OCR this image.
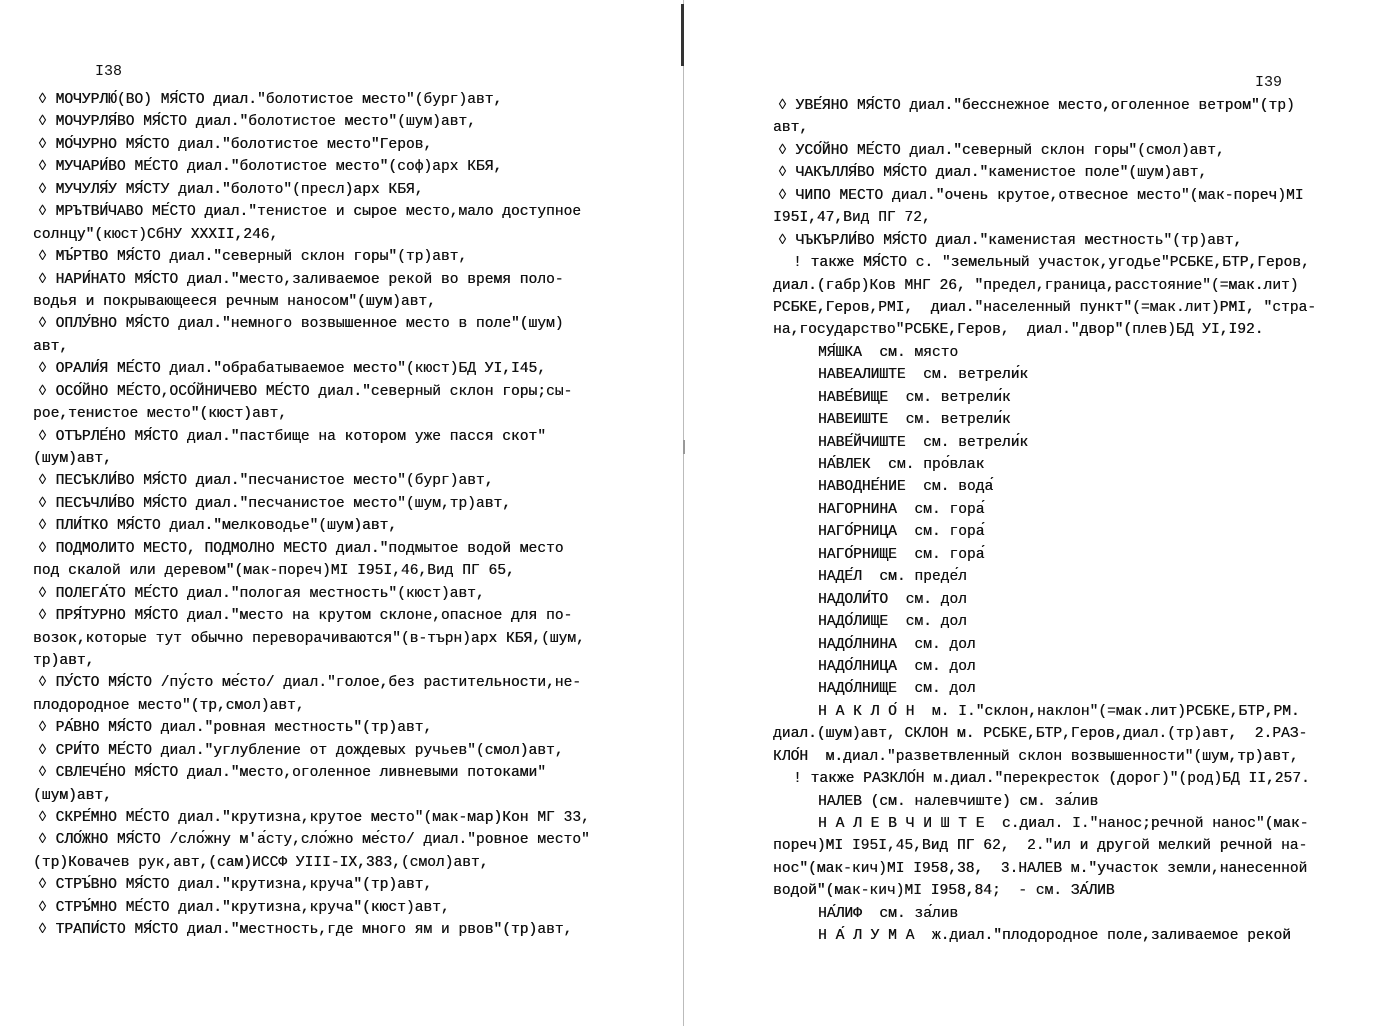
I38
◊ МОЧУРЛЮ́(ВО) МЯ́СТО диал."болотистое место"(бург)авт,
◊ МОЧУРЛЯ́ВО МЯ́СТО диал."болотистое место"(шум)авт,
◊ МО́ЧУРНО МЯ́СТО диал."болотистое место"Геров,
◊ МУЧАРИ́ВО МЕ́СТО диал."болотистое место"(соф)арх КБЯ,
◊ МУЧУЛЯ́У МЯ́СТУ диал."болото"(пресл)арх КБЯ,
◊ МРЪТВИ́ЧАВО МЕ́СТО диал."тенистое и сырое место,мало доступное
солнцу"(кюст)СбНУ XXXII,246,
◊ МЪ́РТВО МЯ́СТО диал."северный склон горы"(тр)авт,
◊ НАРИ́НАТО МЯ́СТО диал."место,заливаемое рекой во время поло-
водья и покрывающееся речным наносом"(шум)авт,
◊ ОПЛУ́ВНО МЯ́СТО диал."немного возвышенное место в поле"(шум)
авт,
◊ ОРАЛИ́Я МЕ́СТО диал."обрабатываемое место"(кюст)БД УI,I45,
◊ ОСО́ЙНО МЕ́СТО,ОСО́ЙНИЧЕВО МЕ́СТО диал."северный склон горы;сы-
рое,тенистое место"(кюст)авт,
◊ ОТЪРЛЕ́НО МЯ́СТО диал."пастбище на котором уже пасся скот"
(шум)авт,
◊ ПЕСЪКЛИ́ВО МЯ́СТО диал."песчанистое место"(бург)авт,
◊ ПЕСЪЧЛИ́ВО МЯ́СТО диал."песчанистое место"(шум,тр)авт,
◊ ПЛИ́ТКО МЯ́СТО диал."мелководье"(шум)авт,
◊ ПОДМОЛИТО МЕСТО, ПОДМОЛНО МЕСТО диал."подмытое водой место
под скалой или деревом"(мак-пореч)МI I95I,46,Вид ПГ 65,
◊ ПОЛЕГА́ТО МЕ́СТО диал."пологая местность"(кюст)авт,
◊ ПРЯ́ТУРНО МЯ́СТО диал."место на крутом склоне,опасное для по-
возок,которые тут обычно переворачиваются"(в-търн)арх КБЯ,(шум,
тр)авт,
◊ ПУ́СТО МЯ́СТО /пу́сто ме́сто/ диал."голое,без растительности,не-
плодородное место"(тр,смол)авт,
◊ РА́ВНО МЯ́СТО диал."ровная местность"(тр)авт,
◊ СРИ́ТО МЕ́СТО диал."углубление от дождевых ручьев"(смол)авт,
◊ СВЛЕЧЕ́НО МЯ́СТО диал."место,оголенное ливневыми потоками"
(шум)авт,
◊ СКРЕ́МНО МЕ́СТО диал."крутизна,крутое место"(мак-мар)Кон МГ 33,
◊ СЛО́ЖНО МЯ́СТО /сло́жну м'а́сту,сло́жно ме́сто/ диал."ровное место"
(тр)Ковачев рук,авт,(сам)ИССФ УIII-IX,383,(смол)авт,
◊ СТРЪ́ВНО МЯ́СТО диал."крутизна,круча"(тр)авт,
◊ СТРЪ́МНО МЕ́СТО диал."крутизна,круча"(кюст)авт,
◊ ТРАПИ́СТО МЯ́СТО диал."местность,где много ям и рвов"(тр)авт,
I39
◊ УВЕ́ЯНО МЯ́СТО диал."бесснежное место,оголенное ветром"(тр)
авт,
◊ УСО́ЙНО МЕ́СТО диал."северный склон горы"(смол)авт,
◊ ЧАКЪЛЛЯ́ВО МЯ́СТО диал."каменистое поле"(шум)авт,
◊ ЧИПО МЕСТО диал."очень крутое,отвесное место"(мак-пореч)МI
I95I,47,Вид ПГ 72,
◊ ЧЪКЪРЛИ́ВО МЯ́СТО диал."каменистая местность"(тр)авт,
! также МЯ́СТО с. "земельный участок,угодье"РСБКЕ,БТР,Геров,
диал.(габр)Ков МНГ 26, "предел,граница,расстояние"(=мак.лит)
РСБКЕ,Геров,РМI,  диал."населенный пункт"(=мак.лит)РМI, "стра-
на,государство"РСБКЕ,Геров,  диал."двор"(плев)БД УI,I92.
МЯ́ШКА  см. място
НАВЕАЛИШТЕ  см. ветрели́к
НАВЕ́ВИЩЕ  см. ветрели́к
НАВЕИШТЕ  см. ветрели́к
НАВЕ́ЙЧИШТЕ  см. ветрели́к
НА́ВЛЕК  см. про́влак
НАВОДНЕ́НИЕ  см. вода́
НАГОРНИНА  см. гора́
НАГО́РНИЦА  см. гора́
НАГО́РНИЩЕ  см. гора́
НАДЕ́Л  см. преде́л
НАДОЛИ́ТО  см. дол
НАДО́ЛИЩЕ  см. дол
НАДО́ЛНИНА  см. дол
НАДО́ЛНИЦА  см. дол
НАДО́ЛНИЩЕ  см. дол
Н А К Л О́ Н  м. I."склон,наклон"(=мак.лит)РСБКЕ,БТР,РМ.
диал.(шум)авт, СКЛОН м. РСБКЕ,БТР,Геров,диал.(тр)авт,  2.РАЗ-
КЛО́Н  м.диал."разветвленный склон возвышенности"(шум,тр)авт,
! также РАЗКЛО́Н м.диал."перекресток (дорог)"(род)БД II,257.
НАЛЕВ (см. налевчиште) см. за́лив
Н А Л Е В Ч И Ш Т Е  с.диал. I."нанос;речной нанос"(мак-
пореч)МI I95I,45,Вид ПГ 62,  2."ил и другой мелкий речной на-
нос"(мак-кич)МI I958,38,  3.НАЛЕВ м."участок земли,нанесенной
водой"(мак-кич)МI I958,84;  - см. ЗА́ЛИВ
НА́ЛИФ  см. за́лив
Н А́ Л У М А  ж.диал."плодородное поле,заливаемое рекой
